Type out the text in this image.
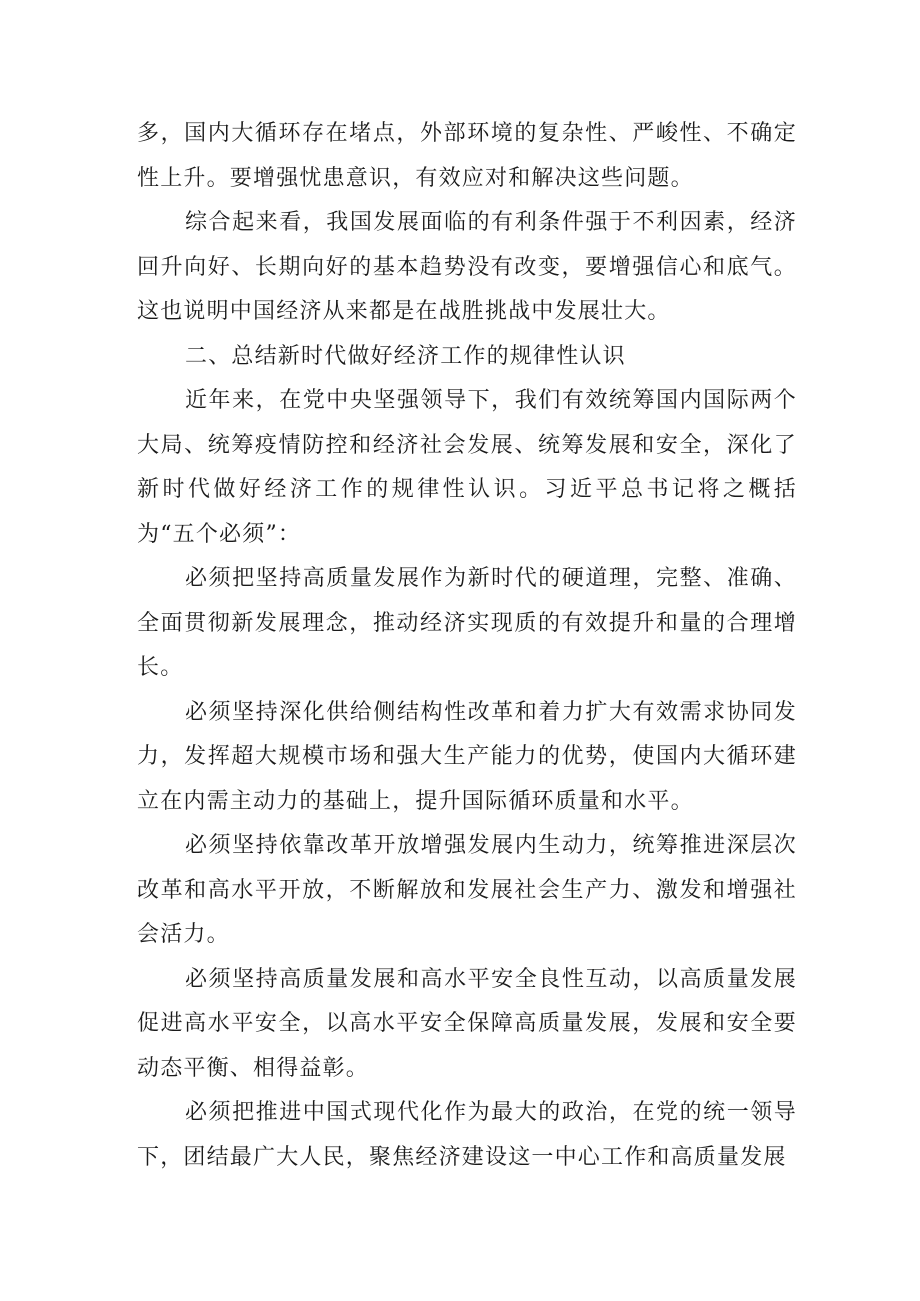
多，国内大循环存在堵点，外部环境的复杂性、严峻性、不确定性上升。要增强忧患意识，有效应对和解决这些问题。

综合起来看，我国发展面临的有利条件强于不利因素，经济回升向好、长期向好的基本趋势没有改变，要增强信心和底气。这也说明中国经济从来都是在战胜挑战中发展壮大。

二、总结新时代做好经济工作的规律性认识

近年来，在党中央坚强领导下，我们有效统筹国内国际两个大局、统筹疫情防控和经济社会发展、统筹发展和安全，深化了新时代做好经济工作的规律性认识。习近平总书记将之概括为“五个必须”：

必须把坚持高质量发展作为新时代的硬道理，完整、准确、全面贯彻新发展理念，推动经济实现质的有效提升和量的合理增长。

必须坚持深化供给侧结构性改革和着力扩大有效需求协同发力，发挥超大规模市场和强大生产能力的优势，使国内大循环建立在内需主动力的基础上，提升国际循环质量和水平。

必须坚持依靠改革开放增强发展内生动力，统筹推进深层次改革和高水平开放，不断解放和发展社会生产力、激发和增强社会活力。

必须坚持高质量发展和高水平安全良性互动，以高质量发展促进高水平安全，以高水平安全保障高质量发展，发展和安全要动态平衡、相得益彰。

必须把推进中国式现代化作为最大的政治，在党的统一领导下，团结最广大人民，聚焦经济建设这一中心工作和高质量发展
